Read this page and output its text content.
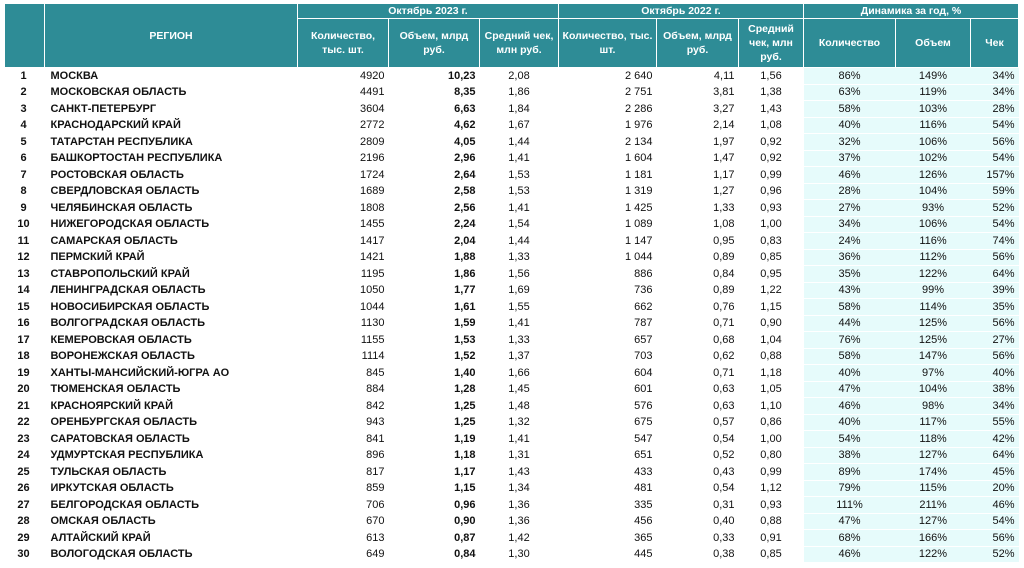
	РЕГИОН	Октябрь 2023 г.			Октябрь 2022 г.			Динамика за год, %		
		Количество, тыс. шт.	Объем, млрд руб.	Средний чек, млн руб.	Количество, тыс. шт.	Объем, млрд руб.	Средний чек, млн руб.	Количество	Объем	Чек
1	МОСКВА	4920	10,23	2,08	2 640	4,11	1,56	86%	149%	34%
2	МОСКОВСКАЯ ОБЛАСТЬ	4491	8,35	1,86	2 751	3,81	1,38	63%	119%	34%
3	САНКТ-ПЕТЕРБУРГ	3604	6,63	1,84	2 286	3,27	1,43	58%	103%	28%
4	КРАСНОДАРСКИЙ КРАЙ	2772	4,62	1,67	1 976	2,14	1,08	40%	116%	54%
5	ТАТАРСТАН РЕСПУБЛИКА	2809	4,05	1,44	2 134	1,97	0,92	32%	106%	56%
6	БАШКОРТОСТАН РЕСПУБЛИКА	2196	2,96	1,41	1 604	1,47	0,92	37%	102%	54%
7	РОСТОВСКАЯ ОБЛАСТЬ	1724	2,64	1,53	1 181	1,17	0,99	46%	126%	157%
8	СВЕРДЛОВСКАЯ ОБЛАСТЬ	1689	2,58	1,53	1 319	1,27	0,96	28%	104%	59%
9	ЧЕЛЯБИНСКАЯ ОБЛАСТЬ	1808	2,56	1,41	1 425	1,33	0,93	27%	93%	52%
10	НИЖЕГОРОДСКАЯ ОБЛАСТЬ	1455	2,24	1,54	1 089	1,08	1,00	34%	106%	54%
11	САМАРСКАЯ ОБЛАСТЬ	1417	2,04	1,44	1 147	0,95	0,83	24%	116%	74%
12	ПЕРМСКИЙ КРАЙ	1421	1,88	1,33	1 044	0,89	0,85	36%	112%	56%
13	СТАВРОПОЛЬСКИЙ КРАЙ	1195	1,86	1,56	886	0,84	0,95	35%	122%	64%
14	ЛЕНИНГРАДСКАЯ ОБЛАСТЬ	1050	1,77	1,69	736	0,89	1,22	43%	99%	39%
15	НОВОСИБИРСКАЯ ОБЛАСТЬ	1044	1,61	1,55	662	0,76	1,15	58%	114%	35%
16	ВОЛГОГРАДСКАЯ ОБЛАСТЬ	1130	1,59	1,41	787	0,71	0,90	44%	125%	56%
17	КЕМЕРОВСКАЯ ОБЛАСТЬ	1155	1,53	1,33	657	0,68	1,04	76%	125%	27%
18	ВОРОНЕЖСКАЯ ОБЛАСТЬ	1114	1,52	1,37	703	0,62	0,88	58%	147%	56%
19	ХАНТЫ-МАНСИЙСКИЙ-ЮГРА АО	845	1,40	1,66	604	0,71	1,18	40%	97%	40%
20	ТЮМЕНСКАЯ ОБЛАСТЬ	884	1,28	1,45	601	0,63	1,05	47%	104%	38%
21	КРАСНОЯРСКИЙ КРАЙ	842	1,25	1,48	576	0,63	1,10	46%	98%	34%
22	ОРЕНБУРГСКАЯ ОБЛАСТЬ	943	1,25	1,32	675	0,57	0,86	40%	117%	55%
23	САРАТОВСКАЯ ОБЛАСТЬ	841	1,19	1,41	547	0,54	1,00	54%	118%	42%
24	УДМУРТСКАЯ РЕСПУБЛИКА	896	1,18	1,31	651	0,52	0,80	38%	127%	64%
25	ТУЛЬСКАЯ ОБЛАСТЬ	817	1,17	1,43	433	0,43	0,99	89%	174%	45%
26	ИРКУТСКАЯ ОБЛАСТЬ	859	1,15	1,34	481	0,54	1,12	79%	115%	20%
27	БЕЛГОРОДСКАЯ ОБЛАСТЬ	706	0,96	1,36	335	0,31	0,93	111%	211%	46%
28	ОМСКАЯ ОБЛАСТЬ	670	0,90	1,36	456	0,40	0,88	47%	127%	54%
29	АЛТАЙСКИЙ КРАЙ	613	0,87	1,42	365	0,33	0,91	68%	166%	56%
30	ВОЛОГОДСКАЯ ОБЛАСТЬ	649	0,84	1,30	445	0,38	0,85	46%	122%	52%
